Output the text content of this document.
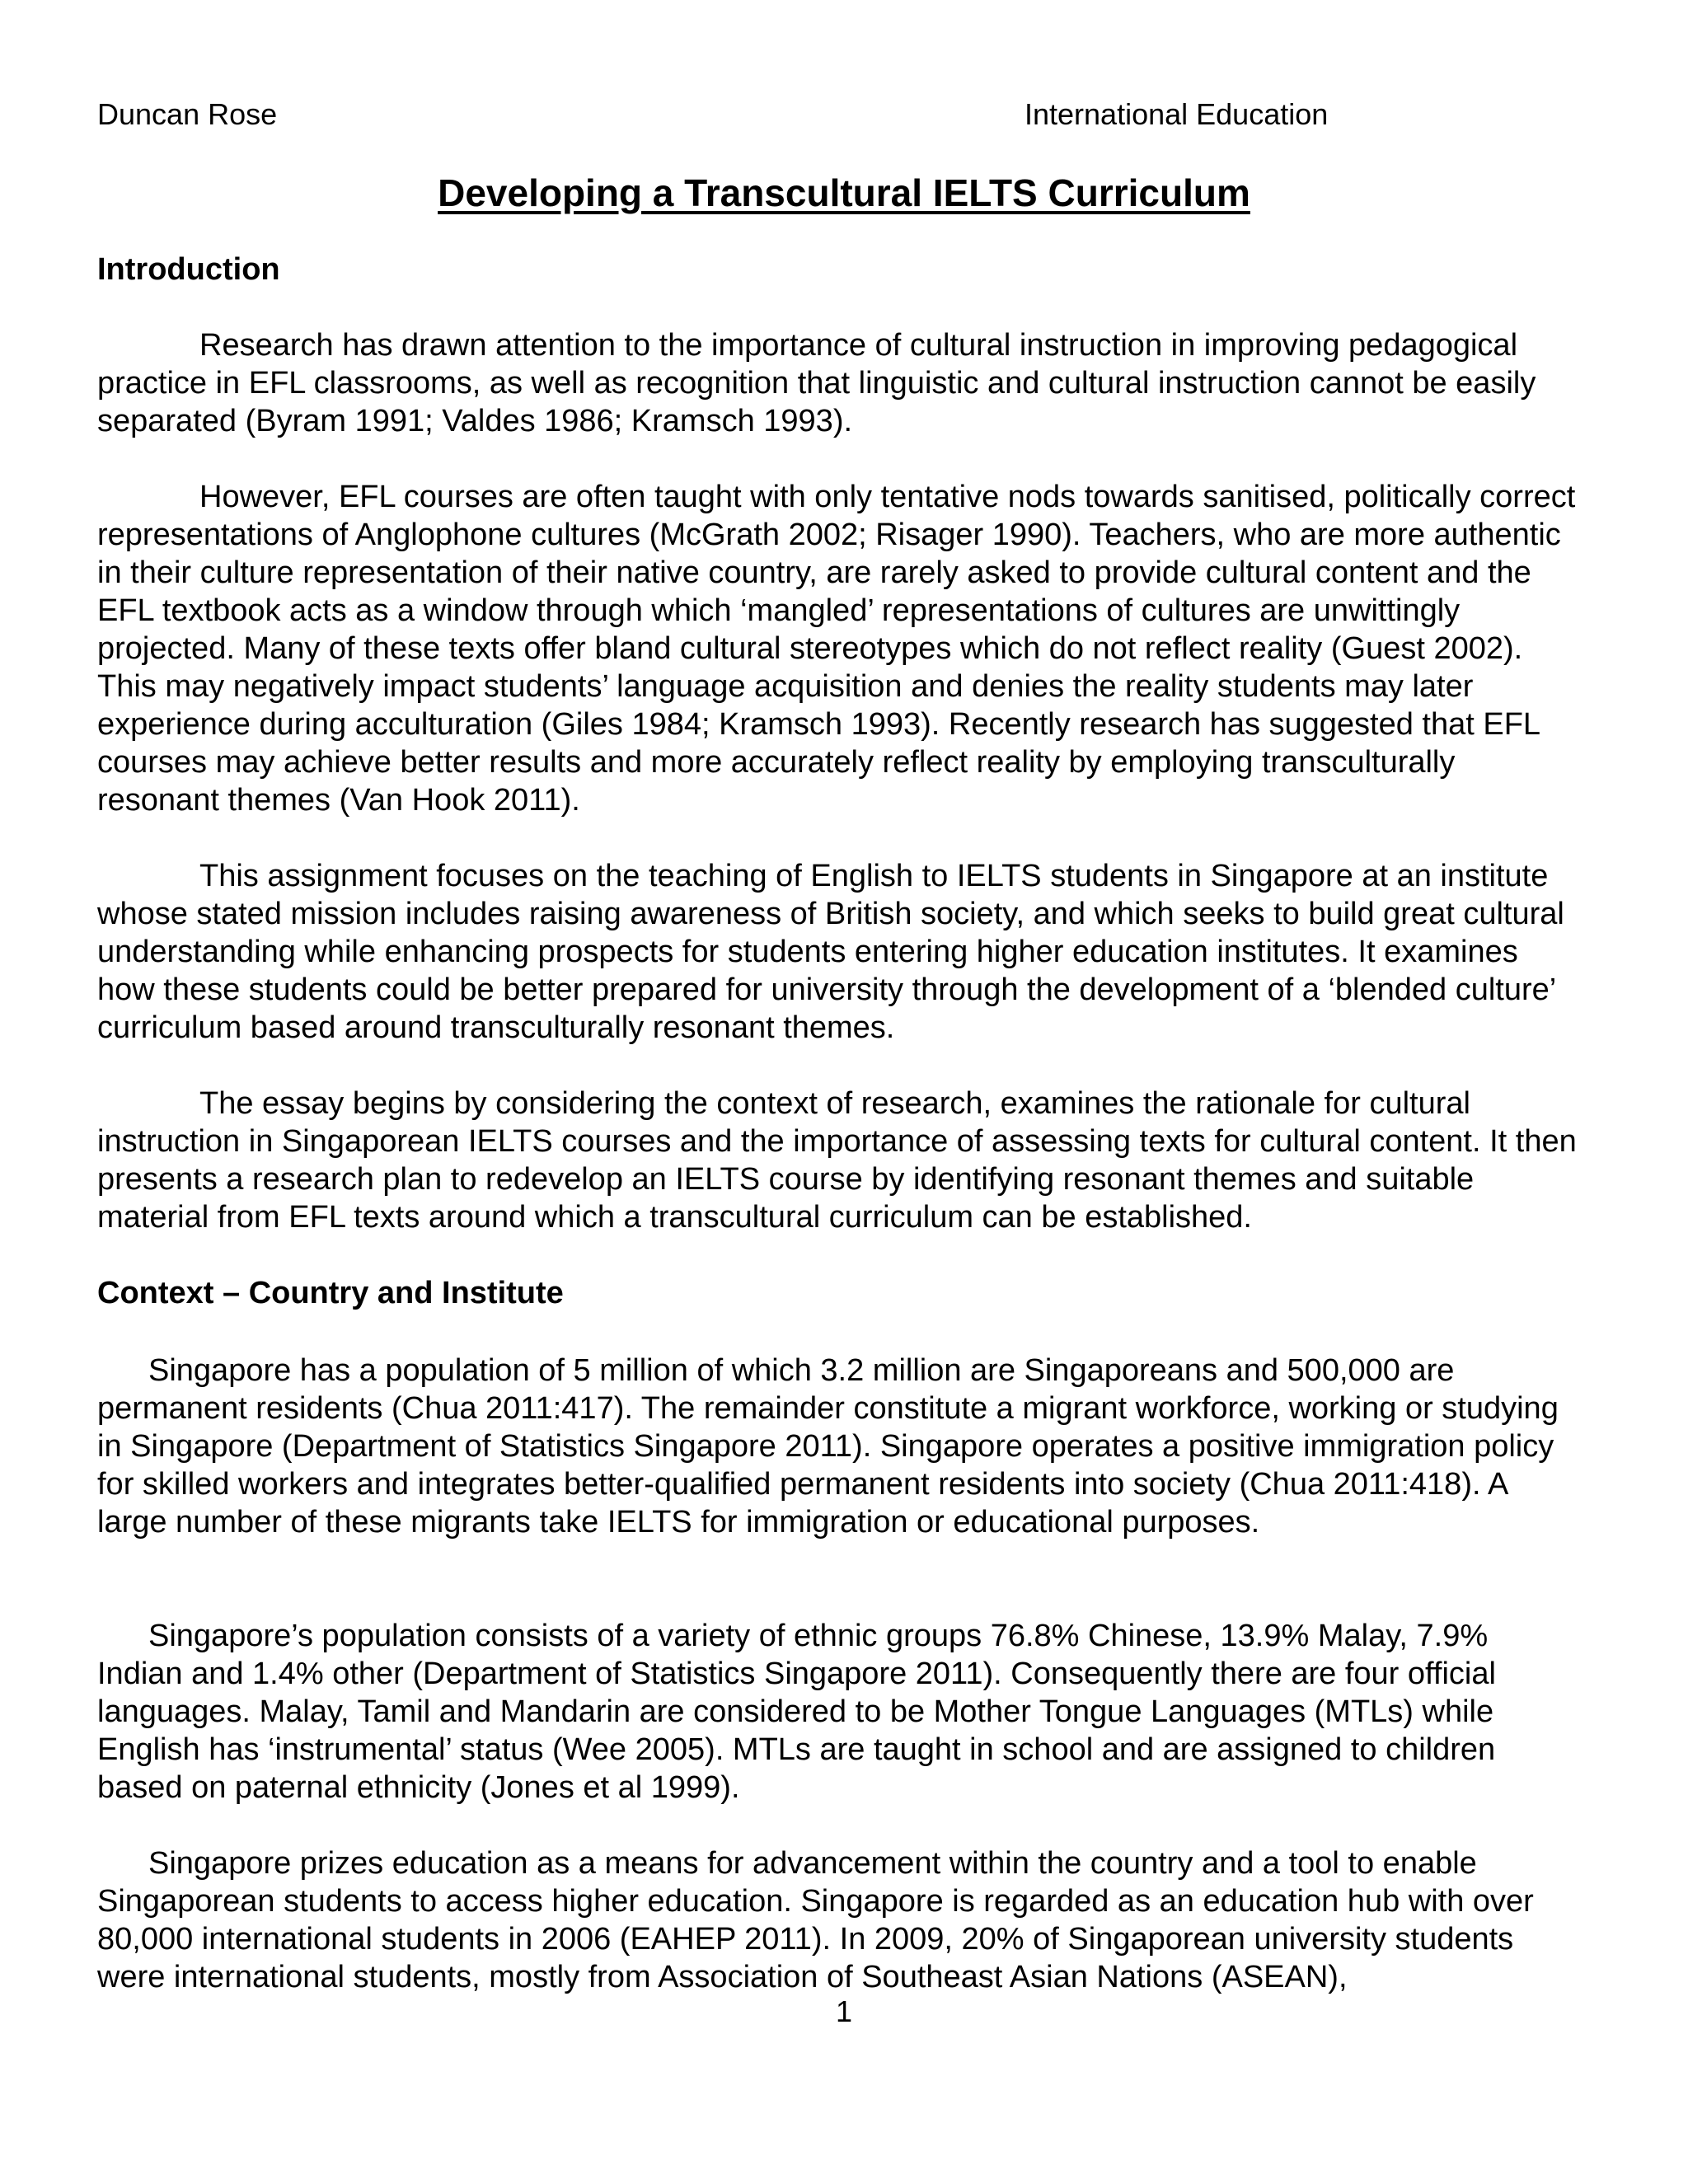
Duncan Rose	International Education
Developing a Transcultural IELTS Curriculum
Introduction

Research has drawn attention to the importance of cultural instruction in improving pedagogical practice in EFL classrooms, as well as recognition that linguistic and cultural instruction cannot be easily separated (Byram 1991; Valdes 1986; Kramsch 1993).

However, EFL courses are often taught with only tentative nods towards sanitised, politically correct representations of Anglophone cultures (McGrath 2002; Risager 1990). Teachers, who are more authentic in their culture representation of their native country, are rarely asked to provide cultural content and the EFL textbook acts as a window through which ‘mangled’ representations of cultures are unwittingly projected. Many of these texts offer bland cultural stereotypes which do not reflect reality (Guest 2002). This may negatively impact students’ language acquisition and denies the reality students may later experience during acculturation (Giles 1984; Kramsch 1993). Recently research has suggested that EFL courses may achieve better results and more accurately reflect reality by employing transculturally resonant themes (Van Hook 2011).

This assignment focuses on the teaching of English to IELTS students in Singapore at an institute whose stated mission includes raising awareness of British society, and which seeks to build great cultural understanding while enhancing prospects for students entering higher education institutes. It examines how these students could be better prepared for university through the development of a ‘blended culture’ curriculum based around transculturally resonant themes.

The essay begins by considering the context of research, examines the rationale for cultural instruction in Singaporean IELTS courses and the importance of assessing texts for cultural content. It then presents a research plan to redevelop an IELTS course by identifying resonant themes and suitable material from EFL texts around which a transcultural curriculum can be established.

Context – Country and Institute

Singapore has a population of 5 million of which 3.2 million are Singaporeans and 500,000 are permanent residents (Chua 2011:417). The remainder constitute a migrant workforce, working or studying in Singapore (Department of Statistics Singapore 2011). Singapore operates a positive immigration policy for skilled workers and integrates better-qualified permanent residents into society (Chua 2011:418). A large number of these migrants take IELTS for immigration or educational purposes.

Singapore’s population consists of a variety of ethnic groups 76.8% Chinese, 13.9% Malay, 7.9% Indian and 1.4% other (Department of Statistics Singapore 2011). Consequently there are four official languages. Malay, Tamil and Mandarin are considered to be Mother Tongue Languages (MTLs) while English has ‘instrumental’ status (Wee 2005). MTLs are taught in school and are assigned to children based on paternal ethnicity (Jones et al 1999).

Singapore prizes education as a means for advancement within the country and a tool to enable Singaporean students to access higher education. Singapore is regarded as an education hub with over 80,000 international students in 2006 (EAHEP 2011). In 2009, 20% of Singaporean university students were international students, mostly from Association of Southeast Asian Nations (ASEAN),

1
